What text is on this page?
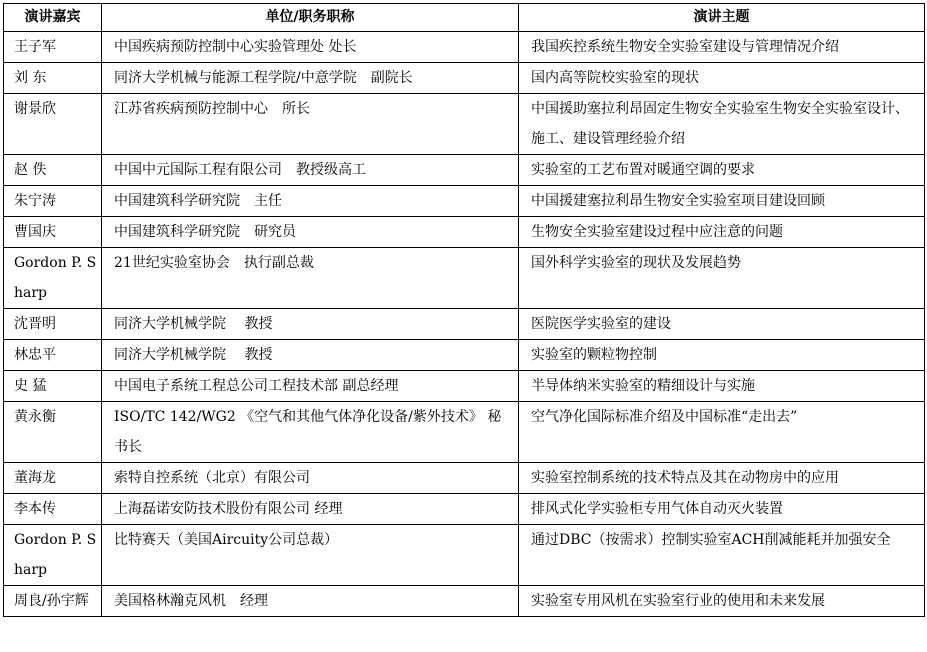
演讲嘉宾	单位/职务职称	演讲主题
王子军	中国疾病预防控制中心实验管理处 处长	我国疾控系统生物安全实验室建设与管理情况介绍
刘 东	同济大学机械与能源工程学院/中意学院　副院长	国内高等院校实验室的现状
谢景欣	江苏省疾病预防控制中心　所长	中国援助塞拉利昂固定生物安全实验室生物安全实验室设计、施工、建设管理经验介绍
赵 佚	中国中元国际工程有限公司　教授级高工	实验室的工艺布置对暖通空调的要求
朱宁涛	中国建筑科学研究院　主任	中国援建塞拉利昂生物安全实验室项目建设回顾
曹国庆	中国建筑科学研究院　研究员	生物安全实验室建设过程中应注意的问题
Gordon P. Sharp	21世纪实验室协会　执行副总裁	国外科学实验室的现状及发展趋势
沈晋明	同济大学机械学院　 教授	医院医学实验室的建设
林忠平	同济大学机械学院　 教授	实验室的颗粒物控制
史 猛	中国电子系统工程总公司工程技术部 副总经理	半导体纳米实验室的精细设计与实施
黄永衡	ISO/TC 142/WG2 《空气和其他气体净化设备/紫外技术》 秘书长	空气净化国际标准介绍及中国标准“走出去”
董海龙	索特自控系统（北京）有限公司	实验室控制系统的技术特点及其在动物房中的应用
李本传	上海磊诺安防技术股份有限公司 经理	排风式化学实验柜专用气体自动灭火装置
Gordon P. Sharp	比特赛天（美国Aircuity公司总裁）	通过DBC（按需求）控制实验室ACH削减能耗并加强安全
周良/孙宇辉	美国格林瀚克风机　经理	实验室专用风机在实验室行业的使用和未来发展
